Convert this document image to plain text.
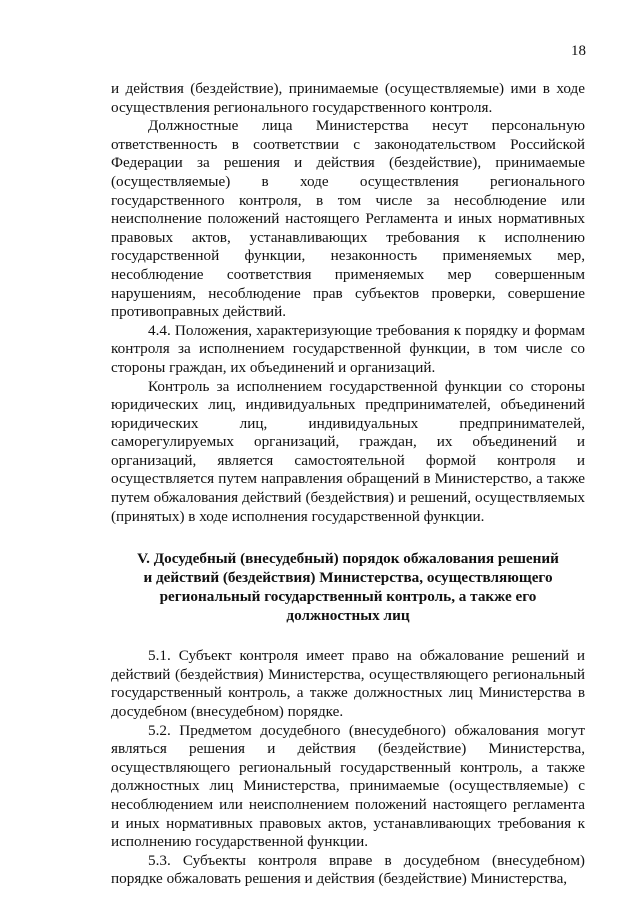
18

и действия (бездействие), принимаемые (осуществляемые) ими в ходе осуществления регионального государственного контроля.

Должностные лица Министерства несут персональную ответственность в соответствии с законодательством Российской Федерации за решения и действия (бездействие), принимаемые (осуществляемые) в ходе осуществления регионального государственного контроля, в том числе за несоблюдение или неисполнение положений настоящего Регламента и иных нормативных правовых актов, устанавливающих требования к исполнению государственной функции, незаконность применяемых мер, несоблюдение соответствия применяемых мер совершенным нарушениям, несоблюдение прав субъектов проверки, совершение противоправных действий.

4.4. Положения, характеризующие требования к порядку и формам контроля за исполнением государственной функции, в том числе со стороны граждан, их объединений и организаций.

Контроль за исполнением государственной функции со стороны юридических лиц, индивидуальных предпринимателей, объединений юридических лиц, индивидуальных предпринимателей, саморегулируемых организаций, граждан, их объединений и организаций, является самостоятельной формой контроля и осуществляется путем направления обращений в Министерство, а также путем обжалования действий (бездействия) и решений, осуществляемых (принятых) в ходе исполнения государственной функции.

V. Досудебный (внесудебный) порядок обжалования решений
и действий (бездействия) Министерства, осуществляющего
региональный государственный контроль, а также его
должностных лиц

5.1. Субъект контроля имеет право на обжалование решений и действий (бездействия) Министерства, осуществляющего региональный государственный контроль, а также должностных лиц Министерства в досудебном (внесудебном) порядке.

5.2. Предметом досудебного (внесудебного) обжалования могут являться решения и действия (бездействие) Министерства, осуществляющего региональный государственный контроль, а также должностных лиц Министерства, принимаемые (осуществляемые) с несоблюдением или неисполнением положений настоящего регламента и иных нормативных правовых актов, устанавливающих требования к исполнению государственной функции.

5.3. Субъекты контроля вправе в досудебном (внесудебном) порядке обжаловать решения и действия (бездействие) Министерства,
